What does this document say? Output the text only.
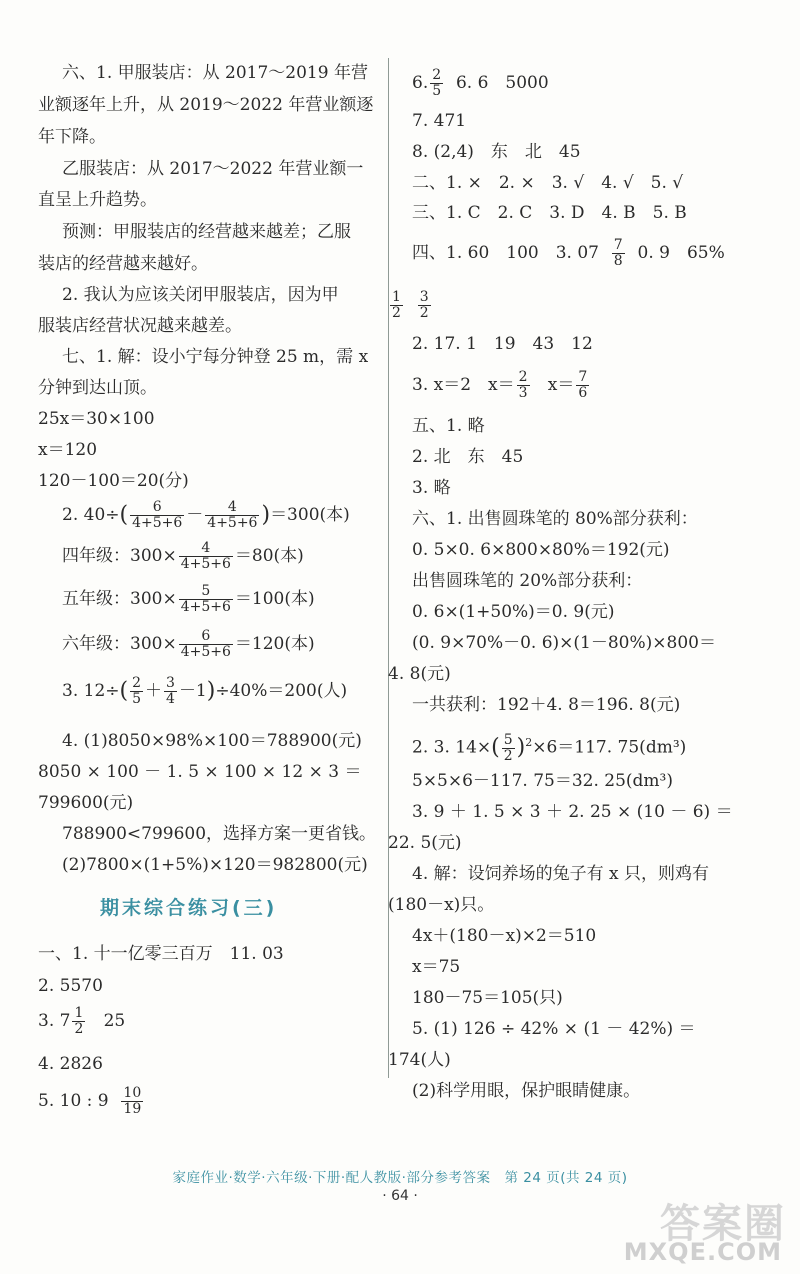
六、1. 甲服装店：从 2017～2019 年营
业额逐年上升，从 2019～2022 年营业额逐
年下降。
乙服装店：从 2017～2022 年营业额一
直呈上升趋势。
预测：甲服装店的经营越来越差；乙服
装店的经营越来越好。
2. 我认为应该关闭甲服装店，因为甲
服装店经营状况越来越差。
七、1. 解：设小宁每分钟登 25 m，需 x
分钟到达山顶。
25x＝30×100
x＝120
120－100＝20(分)
2. $40\div( \frac{6}{4+5+6} - \frac{4}{4+5+6} )=300$(本)
四年级：$300\times \frac{4}{4+5+6} =80$(本)
五年级：$300\times \frac{5}{4+5+6} =100$(本)
六年级：$300\times \frac{6}{4+5+6} =120$(本)
3. $12\div( \frac{2}{5} + \frac{3}{4} -1)\div 40\%=200$(人)
4. (1)8050×98%×100＝788900(元)
8050 × 100 － 1. 5 × 100 × 12 × 3 ＝
799600(元)
788900<799600，选择方案一更省钱。
(2)7800×(1+5%)×120＝982800(元)
一、1. 十一亿零三百万　11. 03
2. 5570
3. $7 \frac{1}{2} 25$
4. 2826
5. 10 : $9 \frac{10}{19}$
期末综合练习(三)
6. $\frac{2}{5} 6$. 6　5000
7. 471
8. (2,4)　东　北　45
二、1. ×　2. ×　3. √　4. √　5. √
三、1. C　2. C　3. D　4. B　5. B
四、1. 60　100　3. $07 \frac{7}{8} 0$. 9　65%
$\frac{1}{2}$
$\frac{3}{2}$
2. 17. 1　19　43　12
3. x＝2　$x= \frac{2}{3} x= \frac{7}{6}$
五、1. 略
2. 北　东　45
3. 略
六、1. 出售圆珠笔的 80%部分获利：
0. 5×0. 6×800×80%＝192(元)
出售圆珠笔的 20%部分获利：
0. 6×(1+50%)＝0. 9(元)
(0. 9×70%－0. 6)×(1－80%)×800＝
4. 8(元)
一共获利：192＋4. 8＝196. 8(元)
2. 3. $14\times( \frac{5}{2} )^2\times 6=117$. 75(dm³)
5×5×6－117. 75＝32. 25(dm³)
3. 9 ＋ 1. 5 × 3 ＋ 2. 25 × (10 － 6) ＝
22. 5(元)
4. 解：设饲养场的兔子有 x 只，则鸡有
(180－x)只。
4x＋(180－x)×2＝510
x＝75
180－75＝105(只)
5. (1) 126 ÷ 42% × (1 － 42%) ＝
174(人)
(2)科学用眼，保护眼睛健康。
家庭作业·数学·六年级·下册·配人教版·部分参考答案　第 24 页(共 24 页)
· 64 ·
答案圈
MXQE.COM
